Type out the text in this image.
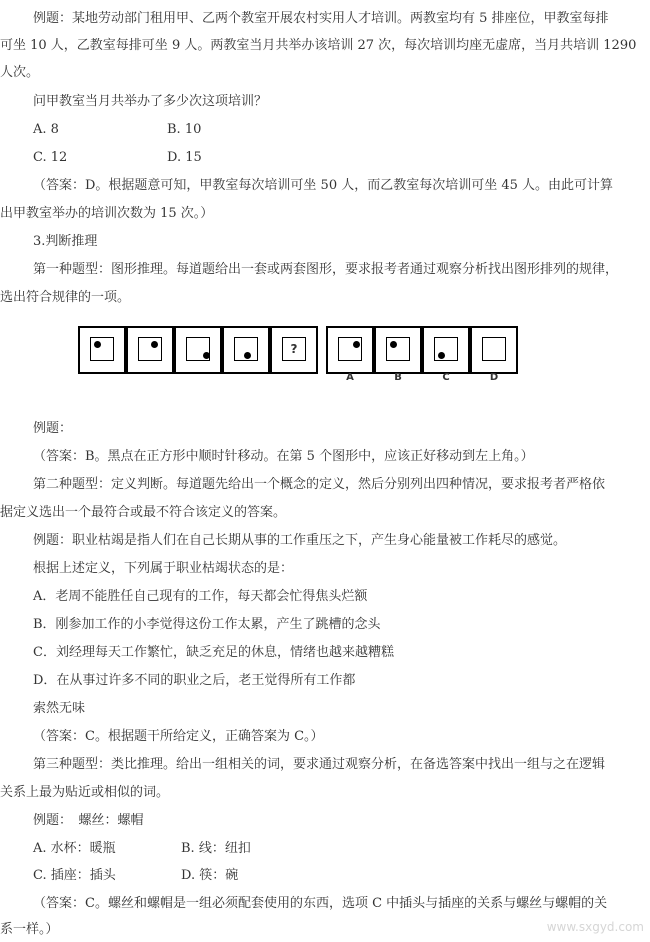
例题：某地劳动部门租用甲、乙两个教室开展农村实用人才培训。两教室均有 5 排座位，甲教室每排
可坐 10 人，乙教室每排可坐 9 人。两教室当月共举办该培训 27 次，每次培训均座无虚席，当月共培训 1290
人次。
问甲教室当月共举办了多少次这项培训？
A. 8	B. 10
C. 12	D. 15
（答案：D。根据题意可知，甲教室每次培训可坐 50 人，而乙教室每次培训可坐 45 人。由此可计算
出甲教室举办的培训次数为 15 次。）
3.判断推理
第一种题型：图形推理。每道题给出一套或两套图形，要求报考者通过观察分析找出图形排列的规律，
选出符合规律的一项。
?
A	B	C	D
例题：
（答案：B。黑点在正方形中顺时针移动。在第 5 个图形中，应该正好移动到左上角。）
第二种题型：定义判断。每道题先给出一个概念的定义，然后分别列出四种情况，要求报考者严格依
据定义选出一个最符合或最不符合该定义的答案。
例题：职业枯竭是指人们在自己长期从事的工作重压之下，产生身心能量被工作耗尽的感觉。
根据上述定义，下列属于职业枯竭状态的是：
A．老周不能胜任自己现有的工作，每天都会忙得焦头烂额
B．刚参加工作的小李觉得这份工作太累，产生了跳槽的念头
C．刘经理每天工作繁忙，缺乏充足的休息，情绪也越来越糟糕
D．在从事过许多不同的职业之后，老王觉得所有工作都
索然无味
（答案：C。根据题干所给定义，正确答案为 C。）
第三种题型：类比推理。给出一组相关的词，要求通过观察分析，在备选答案中找出一组与之在逻辑
关系上最为贴近或相似的词。
例题：　螺丝：螺帽
A. 水杯：暖瓶	B. 线：纽扣
C. 插座：插头	D. 筷：碗
（答案：C。螺丝和螺帽是一组必须配套使用的东西，选项 C 中插头与插座的关系与螺丝与螺帽的关
系一样。）	www.sxgyd.com
